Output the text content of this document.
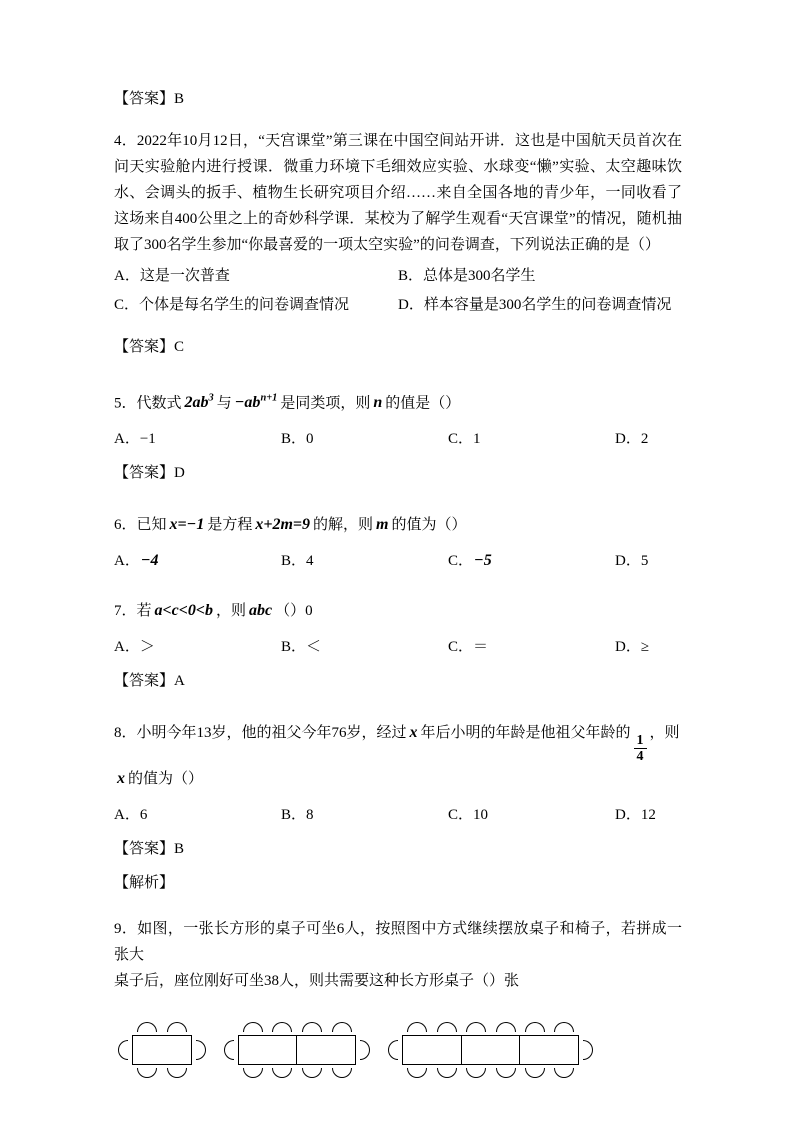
【答案】B

4．2022年10月12日，“天宫课堂”第三课在中国空间站开讲．这也是中国航天员首次在问天实验舱内进行授课．微重力环境下毛细效应实验、水球变“懒”实验、太空趣味饮水、会调头的扳手、植物生长研究项目介绍……来自全国各地的青少年，一同收看了这场来自400公里之上的奇妙科学课．某校为了解学生观看“天宫课堂”的情况，随机抽取了300名学生参加“你最喜爱的一项太空实验”的问卷调查，下列说法正确的是（）

A．这是一次普查	B．总体是300名学生
C．个体是每名学生的问卷调查情况	D．样本容量是300名学生的问卷调查情况

【答案】C

5．代数式 $2ab^3$ 与 $-ab^{n+1}$ 是同类项，则 n 的值是（）

A．−1	B．0	C．1	D．2

【答案】D

6．已知 x=−1 是方程 x+2m=9 的解，则 m 的值为（）

A．−4	B．4	C．−5	D．5

7．若 a<c<0<b ，则 abc （）0

A．＞	B．＜	C．＝	D．≥

【答案】A

8．小明今年13岁，他的祖父今年76岁，经过 x 年后小明的年龄是他祖父年龄的 $\frac{1}{4}$ ，则
x 的值为（）

A．6	B．8	C．10	D．12

【答案】B

【解析】

9．如图，一张长方形的桌子可坐6人，按照图中方式继续摆放桌子和椅子，若拼成一张大
桌子后，座位刚好可坐38人，则共需要这种长方形桌子（）张
